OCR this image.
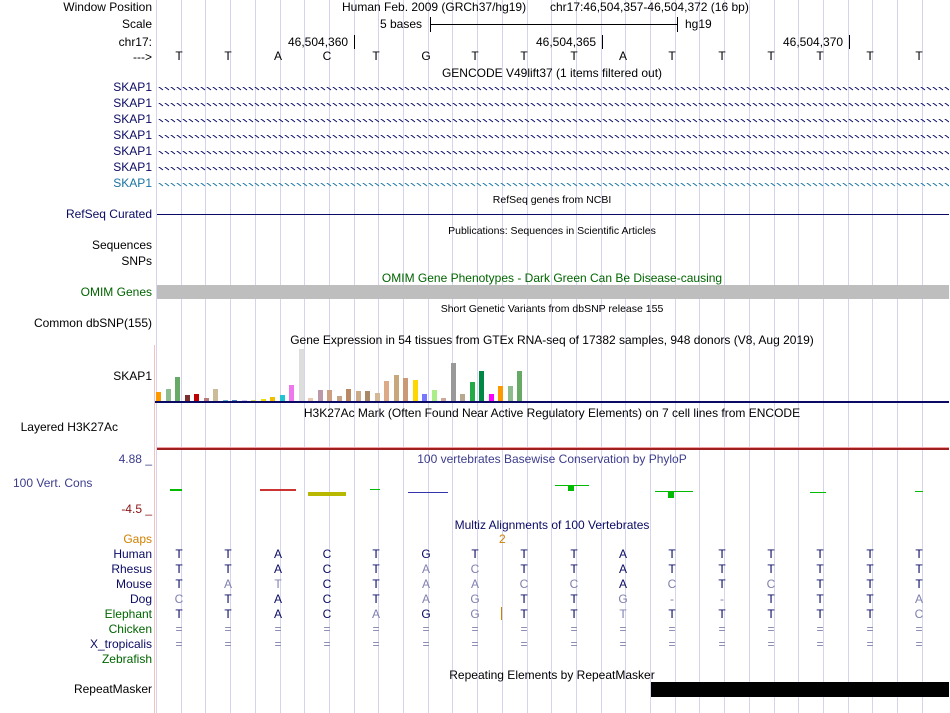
Window Position	Human Feb. 2009 (GRCh37/hg19) chr17:46,504,357-46,504,372 (16 bp)
Scale	5 bases	hg19
chr17:	46,504,360	46,504,365	46,504,370
--->	T	T	A	C	T	G	T	T	T	A	T	T	T	T	T	T
GENCODE V49lift37 (1 items filtered out)
SKAP1
SKAP1
SKAP1
SKAP1
SKAP1
SKAP1
SKAP1
RefSeq genes from NCBI
RefSeq Curated
Publications: Sequences in Scientific Articles
Sequences
SNPs
OMIM Gene Phenotypes - Dark Green Can Be Disease-causing
OMIM Genes
Short Genetic Variants from dbSNP release 155
Common dbSNP(155)
Gene Expression in 54 tissues from GTEx RNA-seq of 17382 samples, 948 donors (V8, Aug 2019)
SKAP1
H3K27Ac Mark (Often Found Near Active Regulatory Elements) on 7 cell lines from ENCODE
Layered H3K27Ac
100 vertebrates Basewise Conservation by PhyloP
4.88 _
100 Vert. Cons
-4.5 _
Multiz Alignments of 100 Vertebrates
Gaps	2
Human	T	T	A	C	T	G	T	T	T	A	T	T	T	T	T	T
Rhesus	T	T	A	C	T	A	C	T	T	A	T	T	T	T	T	T
Mouse	T	A	T	C	T	A	A	C	C	A	C	T	C	T	T	T
Dog	C	T	A	C	T	A	G	T	T	G	-	-	T	T	T	A
Elephant	T	T	A	C	A	G	G	T	T	T	T	T	T	T	T	C
Chicken	=	=	=	=	=	=	=	=	=	=	=	=	=	=	=	=
X_tropicalis	=	=	=	=	=	=	=	=	=	=	=	=	=	=	=	=
Zebrafish
Repeating Elements by RepeatMasker
RepeatMasker
